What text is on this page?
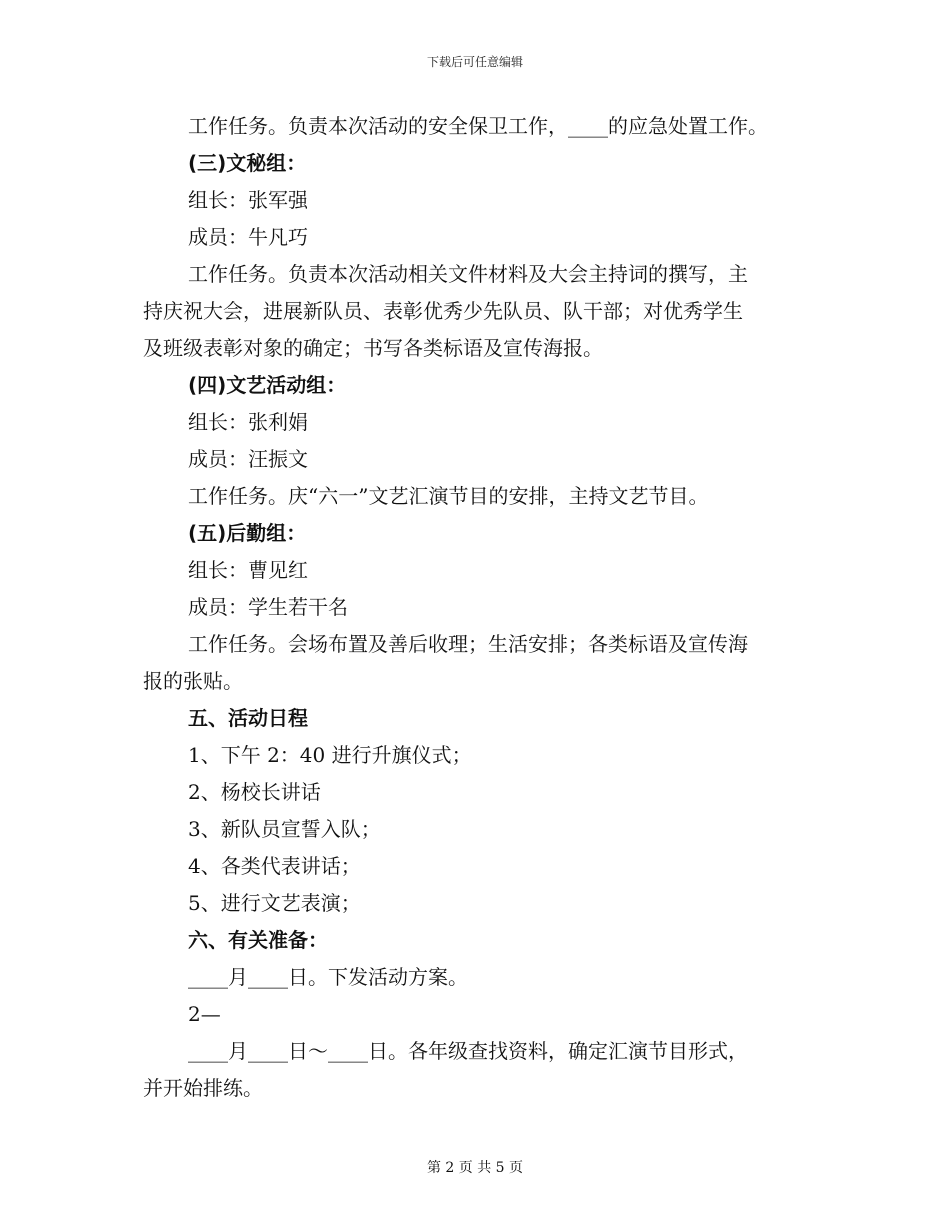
下载后可任意编辑
工作任务。负责本次活动的安全保卫工作，____的应急处置工作。
(三)文秘组：
组长：张军强
成员：牛凡巧
工作任务。负责本次活动相关文件材料及大会主持词的撰写，主
持庆祝大会，进展新队员、表彰优秀少先队员、队干部；对优秀学生
及班级表彰对象的确定；书写各类标语及宣传海报。
(四)文艺活动组：
组长：张利娟
成员：汪振文
工作任务。庆“六一”文艺汇演节目的安排，主持文艺节目。
(五)后勤组：
组长：曹见红
成员：学生若干名
工作任务。会场布置及善后收理；生活安排；各类标语及宣传海
报的张贴。
五、活动日程
1、下午 2：40 进行升旗仪式；
2、杨校长讲话
3、新队员宣誓入队；
4、各类代表讲话；
5、进行文艺表演；
六、有关准备：
____月____日。下发活动方案。
2—
____月____日～____日。各年级查找资料，确定汇演节目形式，
并开始排练。
第 2 页 共 5 页
